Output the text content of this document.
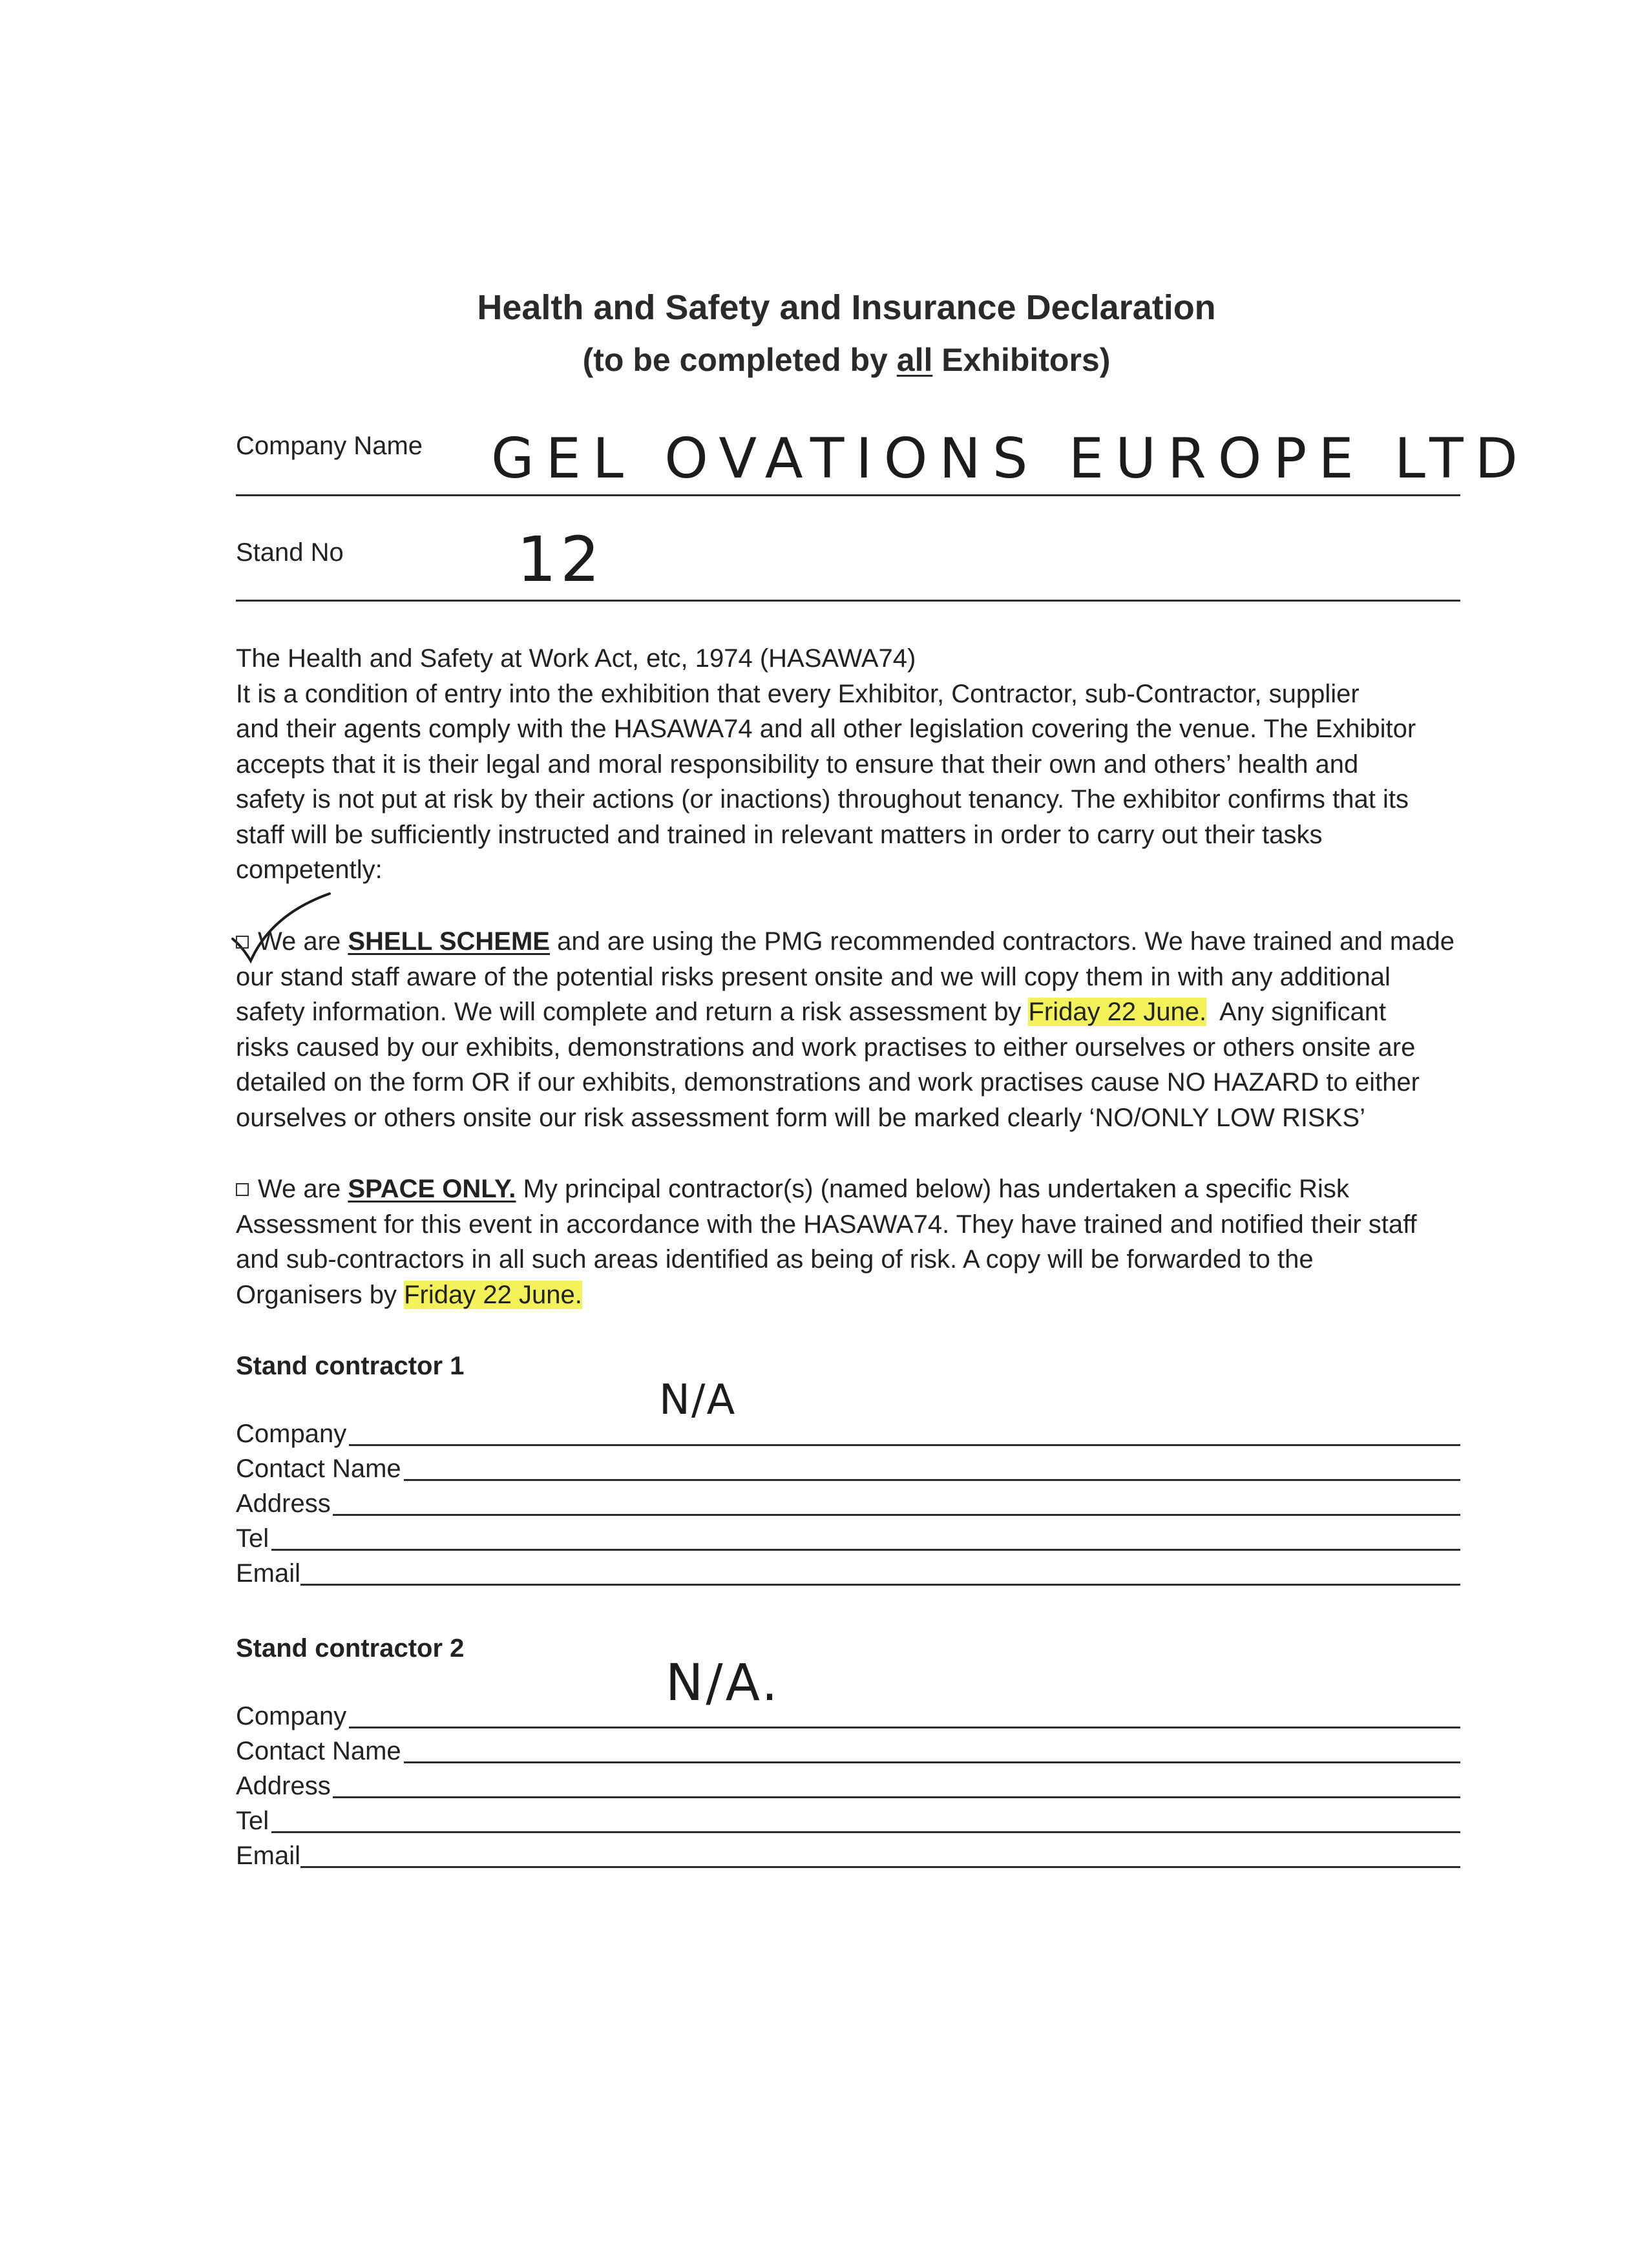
Health and Safety and Insurance Declaration
(to be completed by all Exhibitors)
Company Name GEL OVATIONS EUROPE LTD
Stand No	12
The Health and Safety at Work Act, etc, 1974 (HASAWA74)
It is a condition of entry into the exhibition that every Exhibitor, Contractor, sub-Contractor, supplier
and their agents comply with the HASAWA74 and all other legislation covering the venue. The Exhibitor
accepts that it is their legal and moral responsibility to ensure that their own and others’ health and
safety is not put at risk by their actions (or inactions) throughout tenancy. The exhibitor confirms that its
staff will be sufficiently instructed and trained in relevant matters in order to carry out their tasks
competently:
We are SHELL SCHEME and are using the PMG recommended contractors. We have trained and made
our stand staff aware of the potential risks present onsite and we will copy them in with any additional
safety information. We will complete and return a risk assessment by Friday 22 June.  Any significant
risks caused by our exhibits, demonstrations and work practises to either ourselves or others onsite are
detailed on the form OR if our exhibits, demonstrations and work practises cause NO HAZARD to either
ourselves or others onsite our risk assessment form will be marked clearly ‘NO/ONLY LOW RISKS’
We are SPACE ONLY. My principal contractor(s) (named below) has undertaken a specific Risk
Assessment for this event in accordance with the HASAWA74. They have trained and notified their staff
and sub-contractors in all such areas identified as being of risk. A copy will be forwarded to the
Organisers by Friday 22 June.
Stand contractor 1
Company
N/A
Contact Name
Address
Tel
Email
Stand contractor 2
Company
N/A.
Contact Name
Address
Tel
Email
